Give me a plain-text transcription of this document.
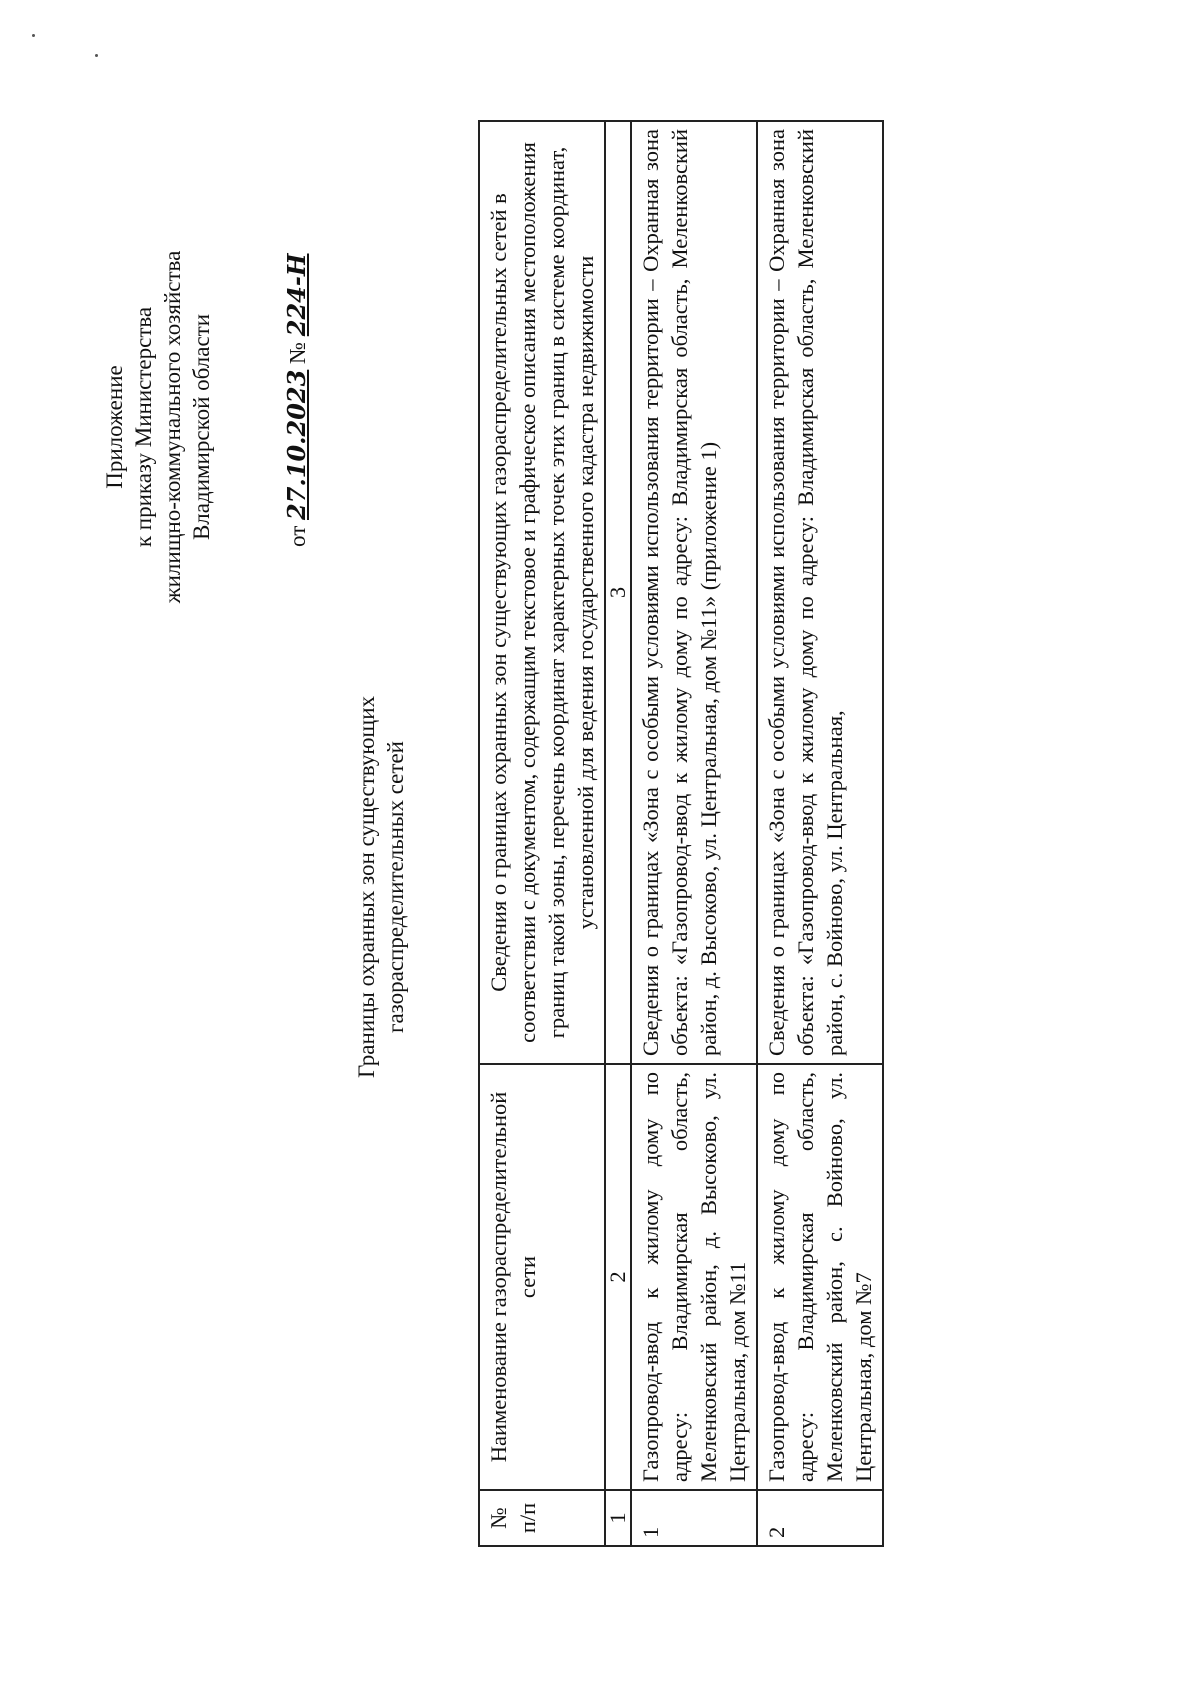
Приложение к приказу Министерства жилищно-коммунального хозяйства Владимирской области	от 27.10.2023 № 224-Н
Границы охранных зон существующих газораспределительных сетей
№ п/п	Наименование газораспределительной сети	Сведения о границах охранных зон существующих газораспределительных сетей в соответствии с документом, содержащим текстовое и графическое описания местоположения границ такой зоны, перечень координат характерных точек этих границ в системе координат, установленной для ведения государственного кадастра недвижимости
1	2	3
1	Газопровод-ввод к жилому дому по адресу: Владимирская область, Меленковский район, д. Высоково, ул. Центральная, дом №11	Сведения о границах «Зона с особыми условиями использования территории – Охранная зона объекта: «Газопровод-ввод к жилому дому по адресу: Владимирская область, Меленковский район, д. Высоково, ул. Центральная, дом №11» (приложение 1)
2	Газопровод-ввод к жилому дому по адресу: Владимирская область, Меленковский район, с. Войново, ул. Центральная, дом №7	Сведения о границах «Зона с особыми условиями использования территории – Охранная зона объекта: «Газопровод-ввод к жилому дому по адресу: Владимирская область, Меленковский район, с. Войново, ул. Центральная,
